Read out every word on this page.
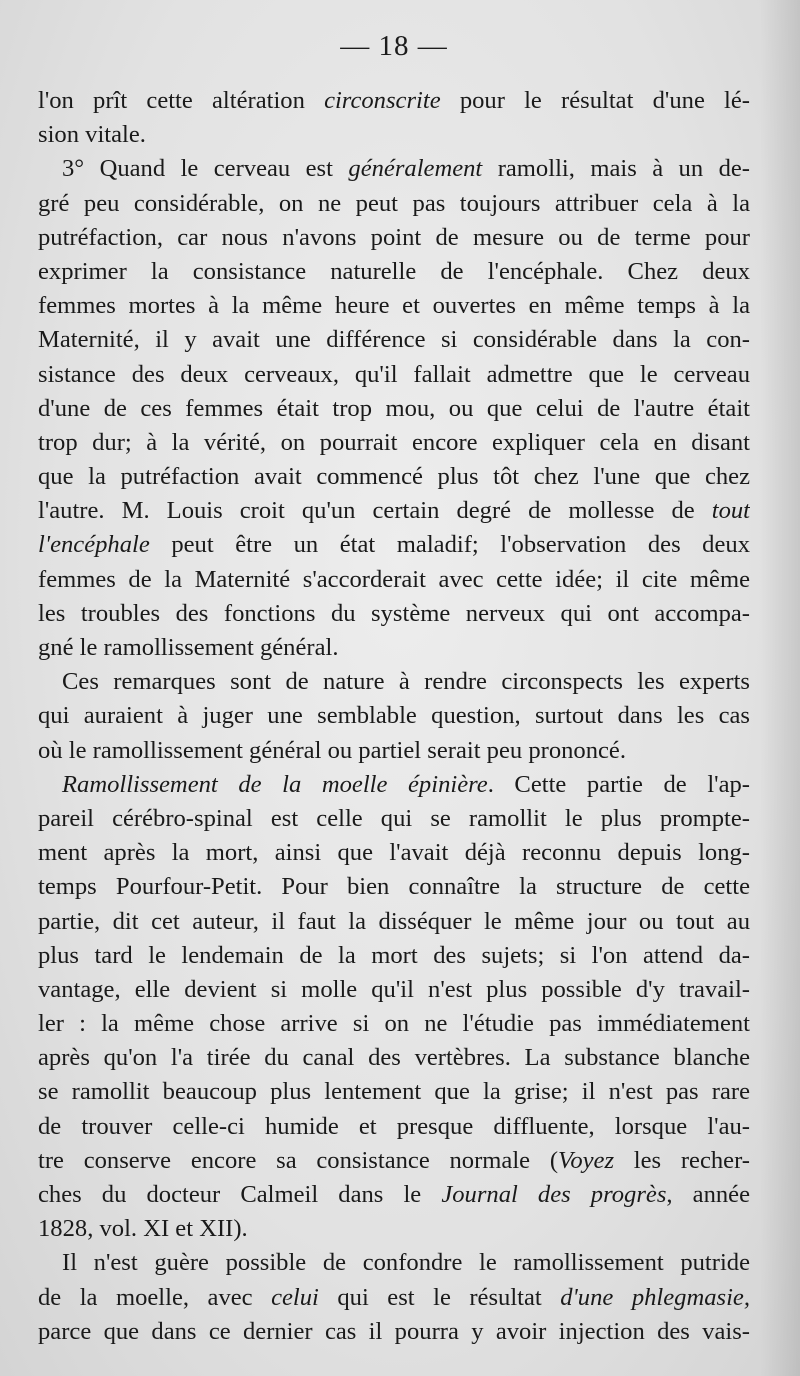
— 18 —
l'on prît cette altération circonscrite pour le résultat d'une lé-
sion vitale.
3° Quand le cerveau est généralement ramolli, mais à un de-
gré peu considérable, on ne peut pas toujours attribuer cela à la
putréfaction, car nous n'avons point de mesure ou de terme pour
exprimer la consistance naturelle de l'encéphale. Chez deux
femmes mortes à la même heure et ouvertes en même temps à la
Maternité, il y avait une différence si considérable dans la con-
sistance des deux cerveaux, qu'il fallait admettre que le cerveau
d'une de ces femmes était trop mou, ou que celui de l'autre était
trop dur; à la vérité, on pourrait encore expliquer cela en disant
que la putréfaction avait commencé plus tôt chez l'une que chez
l'autre. M. Louis croit qu'un certain degré de mollesse de tout
l'encéphale peut être un état maladif; l'observation des deux
femmes de la Maternité s'accorderait avec cette idée; il cite même
les troubles des fonctions du système nerveux qui ont accompa-
gné le ramollissement général.
Ces remarques sont de nature à rendre circonspects les experts
qui auraient à juger une semblable question, surtout dans les cas
où le ramollissement général ou partiel serait peu prononcé.
Ramollissement de la moelle épinière. Cette partie de l'ap-
pareil cérébro-spinal est celle qui se ramollit le plus prompte-
ment après la mort, ainsi que l'avait déjà reconnu depuis long-
temps Pourfour-Petit. Pour bien connaître la structure de cette
partie, dit cet auteur, il faut la disséquer le même jour ou tout au
plus tard le lendemain de la mort des sujets; si l'on attend da-
vantage, elle devient si molle qu'il n'est plus possible d'y travail-
ler : la même chose arrive si on ne l'étudie pas immédiatement
après qu'on l'a tirée du canal des vertèbres. La substance blanche
se ramollit beaucoup plus lentement que la grise; il n'est pas rare
de trouver celle-ci humide et presque diffluente, lorsque l'au-
tre conserve encore sa consistance normale (Voyez les recher-
ches du docteur Calmeil dans le Journal des progrès, année
1828, vol. XI et XII).
Il n'est guère possible de confondre le ramollissement putride
de la moelle, avec celui qui est le résultat d'une phlegmasie,
parce que dans ce dernier cas il pourra y avoir injection des vais-
